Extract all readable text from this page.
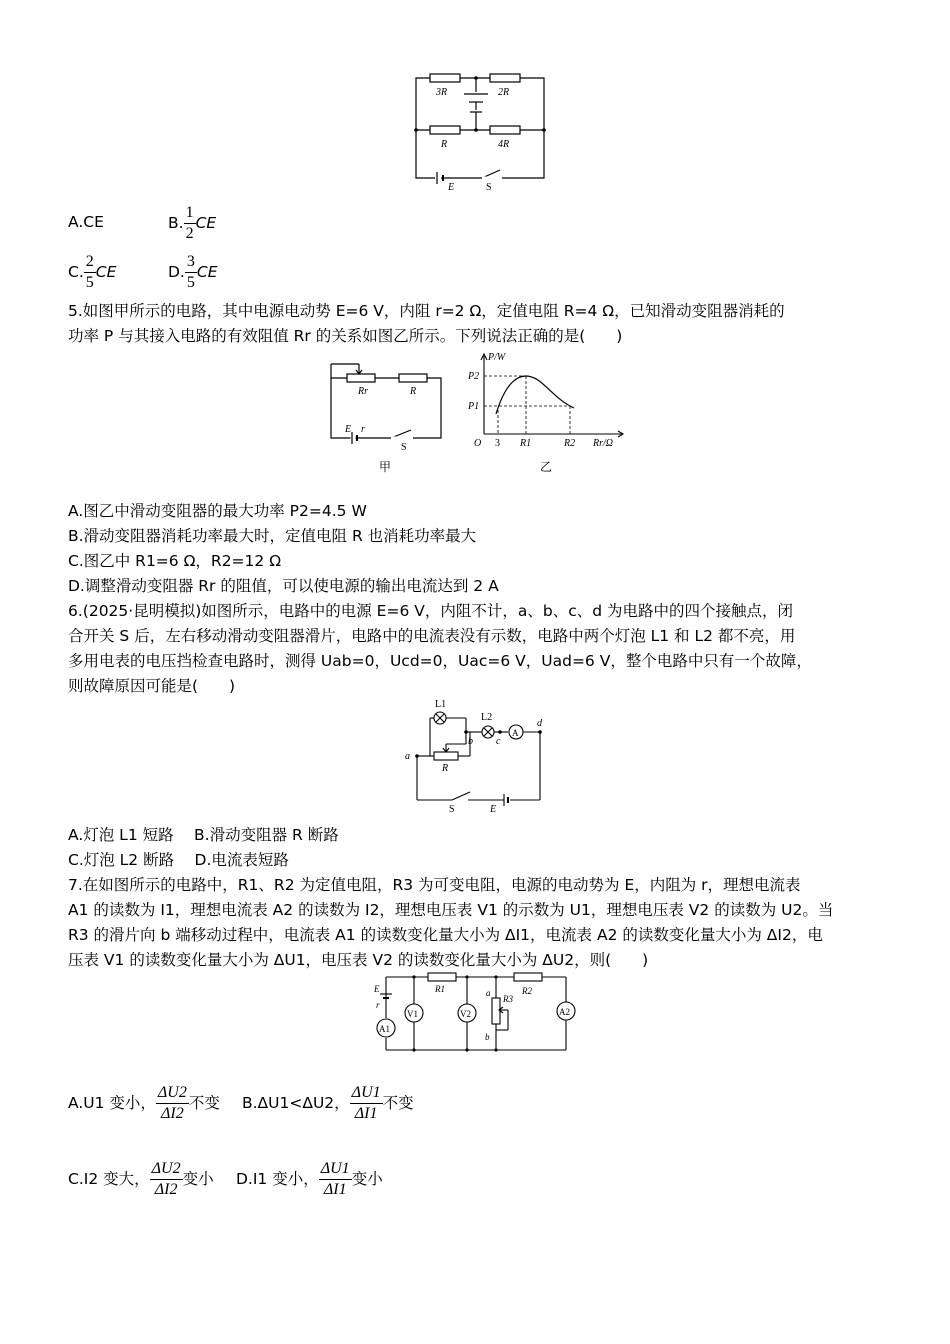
3R	2R
R	4R
E	S
A.CE	B. $\frac{1}{2}$ CE
C. $\frac{2}{5}$ CE	D. $\frac{3}{5}$ CE
5.如图甲所示的电路，其中电源电动势 E=6 V，内阻 r=2 Ω，定值电阻 R=4 Ω，已知滑动变阻器消耗的
功率 P 与其接入电路的有效阻值 Rr 的关系如图乙所示。下列说法正确的是(　　)
Rr	R
E r
S
甲
P/W
P2
P1
O 3 R1	R2 Rr/Ω
乙
A.图乙中滑动变阻器的最大功率 P2=4.5 W
B.滑动变阻器消耗功率最大时，定值电阻 R 也消耗功率最大
C.图乙中 R1=6 Ω，R2=12 Ω
D.调整滑动变阻器 Rr 的阻值，可以使电源的输出电流达到 2 A
6.(2025·昆明模拟)如图所示，电路中的电源 E=6 V，内阻不计，a、b、c、d 为电路中的四个接触点，闭
合开关 S 后，左右移动滑动变阻器滑片，电路中的电流表没有示数，电路中两个灯泡 L1 和 L2 都不亮，用
多用电表的电压挡检查电路时，测得 Uab=0，Ucd=0，Uac=6 V，Uad=6 V，整个电路中只有一个故障，
则故障原因可能是(　　)
L1
L2
a
b c
d
R
S	E
A
A.灯泡 L1 短路　 B.滑动变阻器 R 断路
C.灯泡 L2 断路　 D.电流表短路
7.在如图所示的电路中，R1、R2 为定值电阻，R3 为可变电阻，电源的电动势为 E，内阻为 r，理想电流表
A1 的读数为 I1，理想电流表 A2 的读数为 I2，理想电压表 V1 的示数为 U1，理想电压表 V2 的读数为 U2。当
R3 的滑片向 b 端移动过程中，电流表 A1 的读数变化量大小为 ΔI1，电流表 A2 的读数变化量大小为 ΔI2，电
压表 V1 的读数变化量大小为 ΔU1，电压表 V2 的读数变化量大小为 ΔU2，则(　　)
E
r
A1
V1
R1
V2
a
R3
b
R2
A2
A.U1 变小， $\frac{\Delta U2}{\Delta I2}$ 不变 B.ΔU1<ΔU2， $\frac{\Delta U1}{\Delta I1}$ 不变
C.I2 变大， $\frac{\Delta U2}{\Delta I2}$ 变小 D.I1 变小， $\frac{\Delta U1}{\Delta I1}$ 变小
